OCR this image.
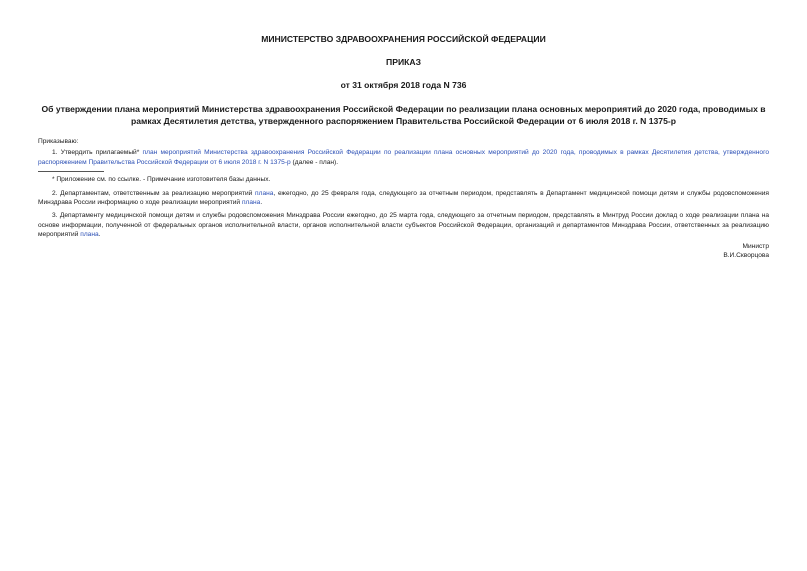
МИНИСТЕРСТВО ЗДРАВООХРАНЕНИЯ РОССИЙСКОЙ ФЕДЕРАЦИИ
ПРИКАЗ
от 31 октября 2018 года N 736
Об утверждении плана мероприятий Министерства здравоохранения Российской Федерации по реализации плана основных мероприятий до 2020 года, проводимых в рамках Десятилетия детства, утвержденного распоряжением Правительства Российской Федерации от 6 июля 2018 г. N 1375-р

Приказываю:

1. Утвердить прилагаемый* план мероприятий Министерства здравоохранения Российской Федерации по реализации плана основных мероприятий до 2020 года, проводимых в рамках Десятилетия детства, утвержденного распоряжением Правительства Российской Федерации от 6 июля 2018 г. N 1375-р (далее - план).

* Приложение см. по ссылке. - Примечание изготовителя базы данных.

2. Департаментам, ответственным за реализацию мероприятий плана, ежегодно, до 25 февраля года, следующего за отчетным периодом, представлять в Департамент медицинской помощи детям и службы родовспоможения Минздрава России информацию о ходе реализации мероприятий плана.

3. Департаменту медицинской помощи детям и службы родовспоможения Минздрава России ежегодно, до 25 марта года, следующего за отчетным периодом, представлять в Минтруд России доклад о ходе реализации плана на основе информации, полученной от федеральных органов исполнительной власти, органов исполнительной власти субъектов Российской Федерации, организаций и департаментов Минздрава России, ответственных за реализацию мероприятий плана.

Министр
В.И.Скворцова
